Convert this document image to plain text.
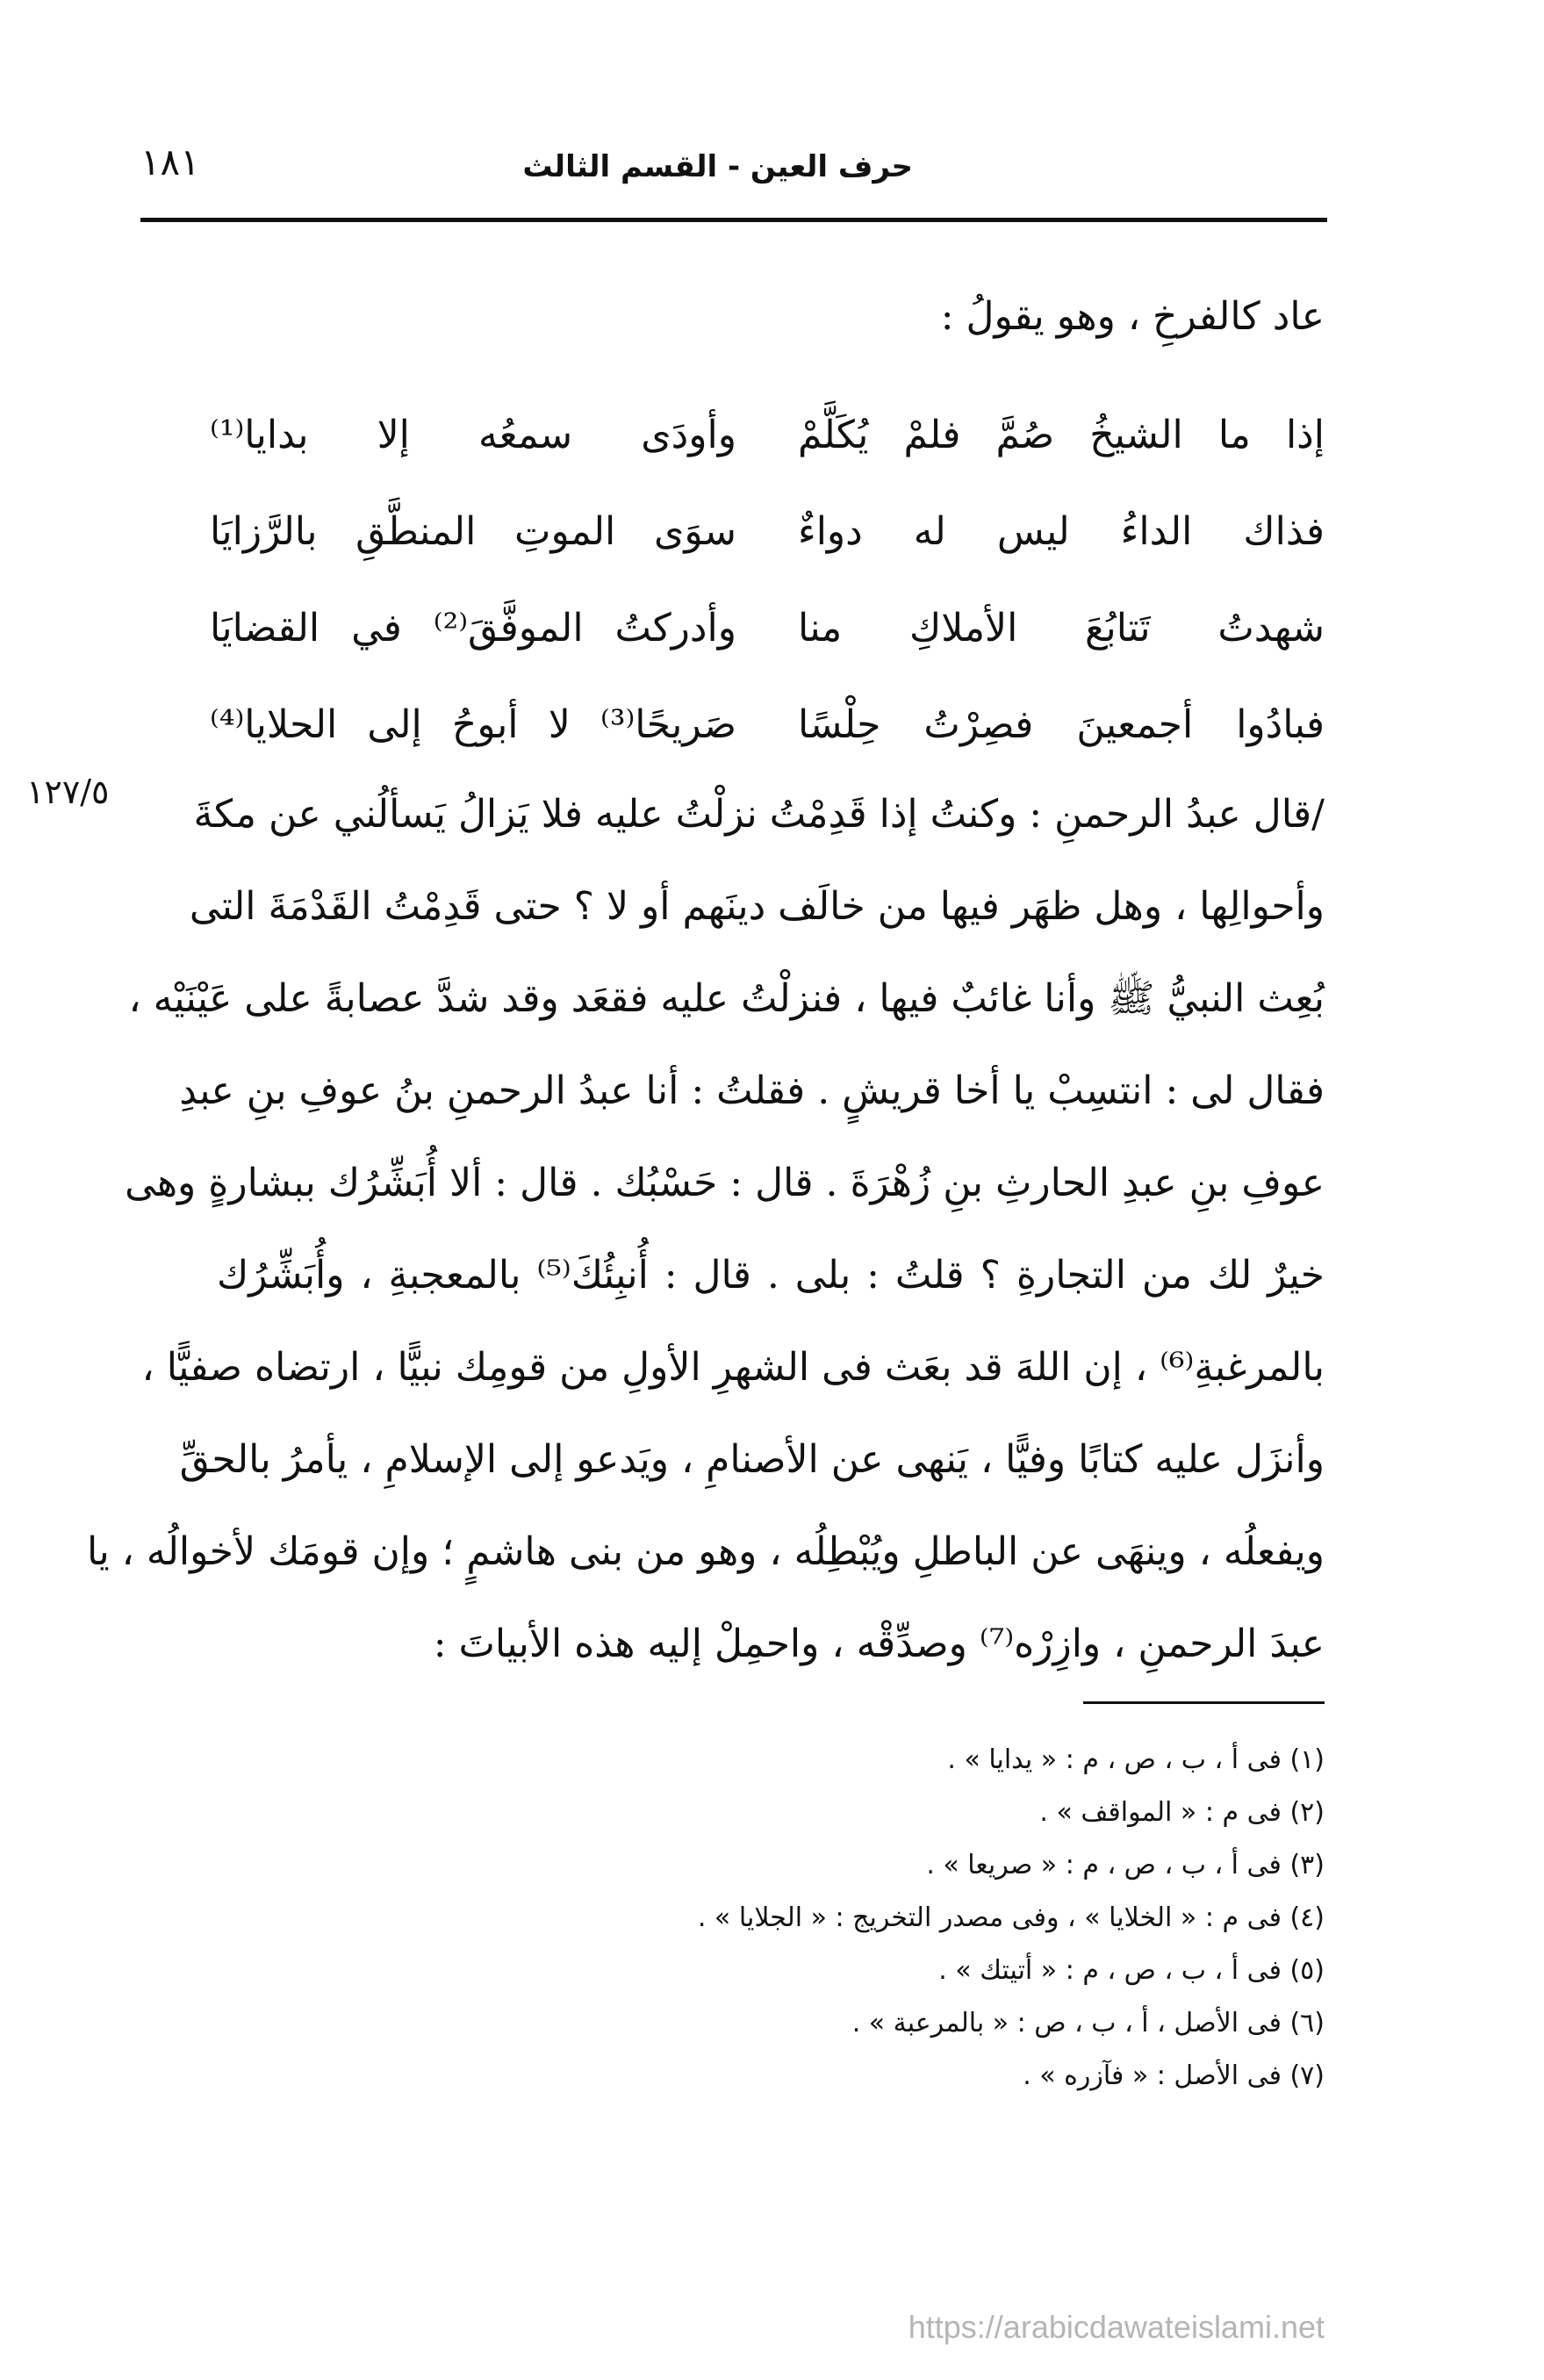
حرف العين - القسم الثالث
١٨١
عاد كالفرخِ ، وهو يقولُ :
إذا ما الشيخُ صُمَّ فلمْ يُكَلَّمْ
وأودَى سمعُه إلا بدايا⁽¹⁾
فذاك الداءُ ليس له دواءٌ
سوَى الموتِ المنطَّقِ بالرَّزايَا
شهدتُ تَتابُعَ الأملاكِ منا
وأدركتُ الموفَّقَ⁽²⁾ في القضايَا
فبادُوا أجمعينَ فصِرْتُ حِلْسًا
صَريحًا⁽³⁾ لا أبوحُ إلى الحلايا⁽⁴⁾
١٢٧/٥ /قال عبدُ الرحمنِ : وكنتُ إذا قَدِمْتُ نزلْتُ عليه فلا يَزالُ يَسألُني عن مكةَ
وأحوالِها ، وهل ظهَر فيها من خالَف دينَهم أو لا ؟ حتى قَدِمْتُ القَدْمَةَ التى
بُعِث النبيُّ ﷺ وأنا غائبٌ فيها ، فنزلْتُ عليه فقعَد وقد شدَّ عصابةً على عَيْنَيْه ،
فقال لى : انتسِبْ يا أخا قريشٍ . فقلتُ : أنا عبدُ الرحمنِ بنُ عوفِ بنِ عبدِ
عوفِ بنِ عبدِ الحارثِ بنِ زُهْرَةَ . قال : حَسْبُك . قال : ألا أُبَشِّرُك ببشارةٍ وهى
خيرٌ لك من التجارةِ ؟ قلتُ : بلى . قال : أُنبِئُكَ⁽⁵⁾ بالمعجبةِ ، وأُبَشِّرُك
بالمرغبةِ⁽⁶⁾ ، إن اللهَ قد بعَث فى الشهرِ الأولِ من قومِك نبيًّا ، ارتضاه صفيًّا ،
وأنزَل عليه كتابًا وفيًّا ، يَنهى عن الأصنامِ ، ويَدعو إلى الإسلامِ ، يأمرُ بالحقِّ
ويفعلُه ، وينهَى عن الباطلِ ويُبْطِلُه ، وهو من بنى هاشمٍ ؛ وإن قومَك لأخوالُه ، يا
عبدَ الرحمنِ ، وازِرْه⁽⁷⁾ وصدِّقْه ، واحمِلْ إليه هذه الأبياتَ :
(١) فى أ ، ب ، ص ، م : « يدايا » .
(٢) فى م : « المواقف » .
(٣) فى أ ، ب ، ص ، م : « صريعا » .
(٤) فى م : « الخلايا » ، وفى مصدر التخريج : « الجلايا » .
(٥) فى أ ، ب ، ص ، م : « أتيتك » .
(٦) فى الأصل ، أ ، ب ، ص : « بالمرعبة » .
(٧) فى الأصل : « فآزره » .
https://arabicdawateislami.net
